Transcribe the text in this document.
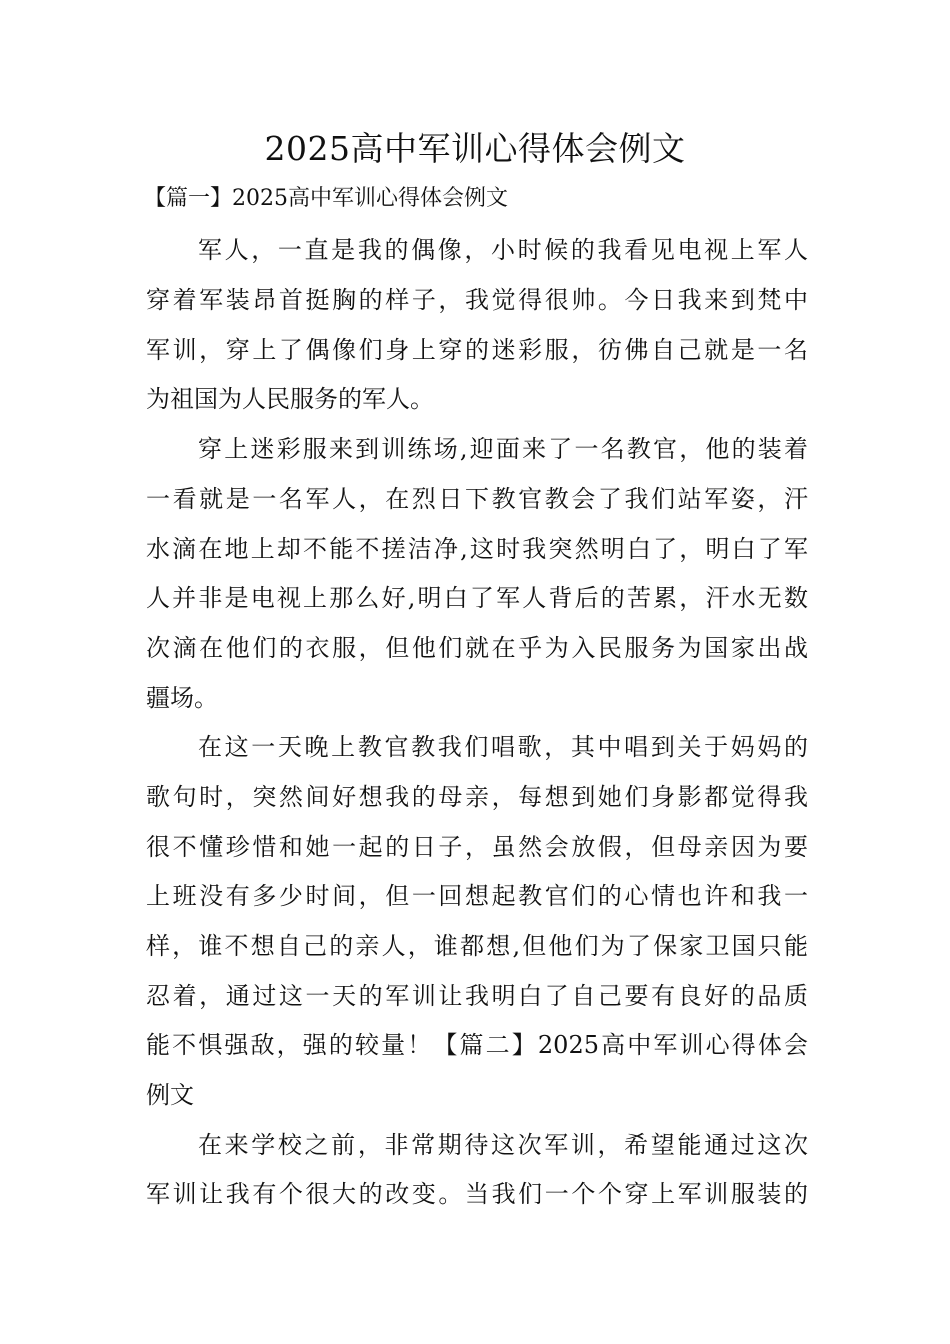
2025高中军训心得体会例文

【篇一】2025高中军训心得体会例文

军人，一直是我的偶像，小时候的我看见电视上军人

穿着军装昂首挺胸的样子，我觉得很帅。今日我来到梵中

军训，穿上了偶像们身上穿的迷彩服，彷佛自己就是一名

为祖国为人民服务的军人。

穿上迷彩服来到训练场,迎面来了一名教官，他的装着

一看就是一名军人，在烈日下教官教会了我们站军姿，汗

水滴在地上却不能不搓洁净,这时我突然明白了，明白了军

人并非是电视上那么好,明白了军人背后的苦累，汗水无数

次滴在他们的衣服，但他们就在乎为入民服务为国家出战

疆场。

在这一天晚上教官教我们唱歌，其中唱到关于妈妈的

歌句时，突然间好想我的母亲，每想到她们身影都觉得我

很不懂珍惜和她一起的日子，虽然会放假，但母亲因为要

上班没有多少时间，但一回想起教官们的心情也许和我一

样，谁不想自己的亲人，谁都想,但他们为了保家卫国只能

忍着，通过这一天的军训让我明白了自己要有良好的品质

能不惧强敌，强的较量！【篇二】2025高中军训心得体会

例文

在来学校之前，非常期待这次军训，希望能通过这次

军训让我有个很大的改变。当我们一个个穿上军训服装的
